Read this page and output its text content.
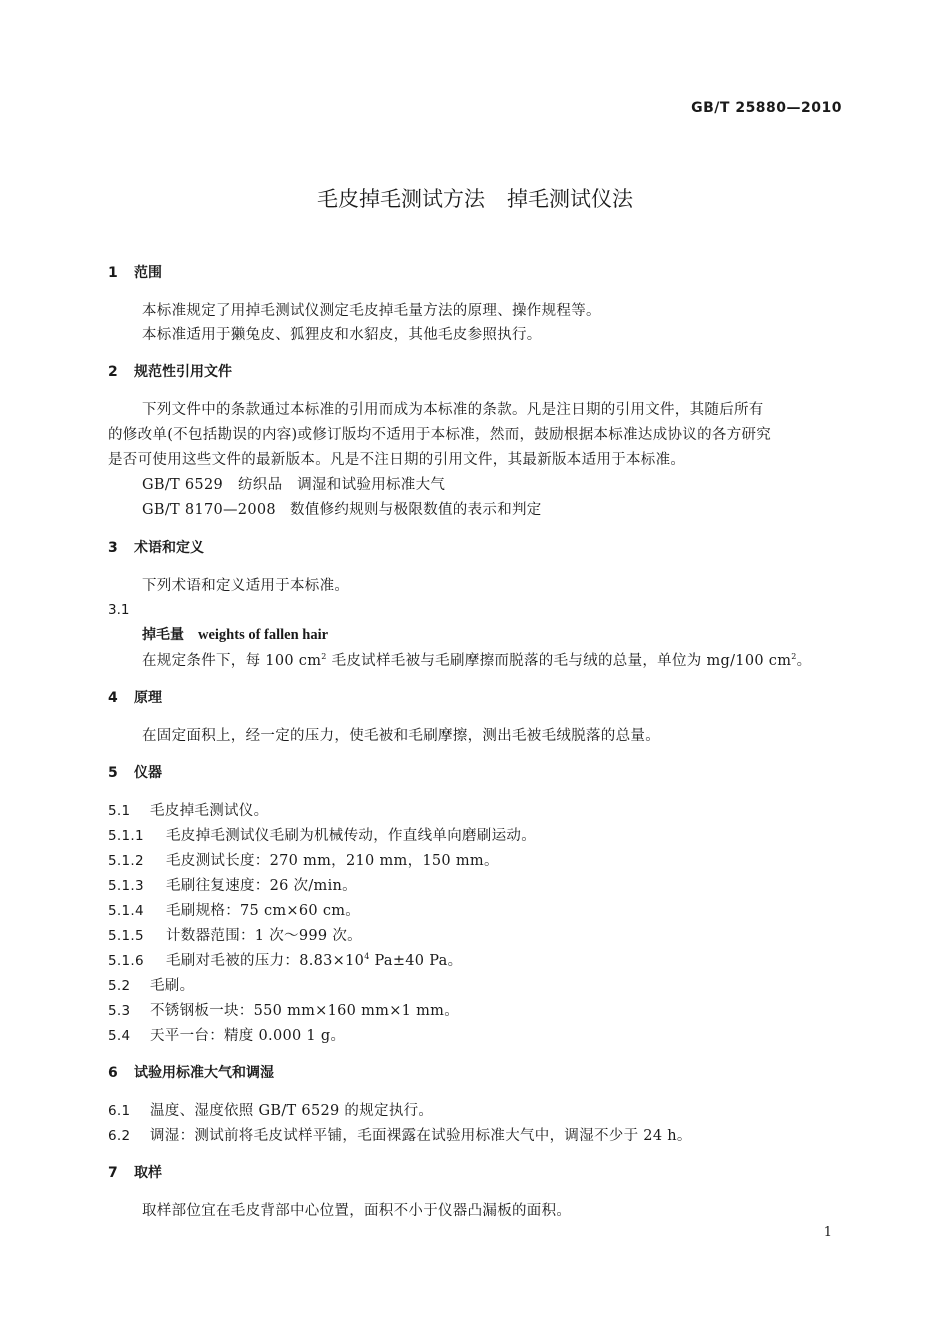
GB/T 25880—2010
毛皮掉毛测试方法 掉毛测试仪法
1 范围
本标准规定了用掉毛测试仪测定毛皮掉毛量方法的原理、操作规程等。
本标准适用于獭兔皮、狐狸皮和水貂皮，其他毛皮参照执行。
2 规范性引用文件
下列文件中的条款通过本标准的引用而成为本标准的条款。凡是注日期的引用文件，其随后所有
的修改单(不包括勘误的内容)或修订版均不适用于本标准，然而，鼓励根据本标准达成协议的各方研究
是否可使用这些文件的最新版本。凡是不注日期的引用文件，其最新版本适用于本标准。
GB/T 6529 纺织品　调湿和试验用标准大气
GB/T 8170—2008 数值修约规则与极限数值的表示和判定
3 术语和定义
下列术语和定义适用于本标准。
3.1
掉毛量 weights of fallen hair
在规定条件下，每 100 $cm^2$ 毛皮试样毛被与毛刷摩擦而脱落的毛与绒的总量，单位为 mg/100 $cm^2$。
4 原理
在固定面积上，经一定的压力，使毛被和毛刷摩擦，测出毛被毛绒脱落的总量。
5 仪器
5.1 毛皮掉毛测试仪。
5.1.1 毛皮掉毛测试仪毛刷为机械传动，作直线单向磨刷运动。
5.1.2 毛皮测试长度：270 mm，210 mm，150 mm。
5.1.3 毛刷往复速度：26 次/min。
5.1.4 毛刷规格：75 cm×60 cm。
5.1.5 计数器范围：1 次～999 次。
5.1.6 毛刷对毛被的压力：$8.83\times 10^4$ Pa±40 Pa。
5.2 毛刷。
5.3 不锈钢板一块：550 mm×160 mm×1 mm。
5.4 天平一台：精度 0.000 1 g。
6 试验用标准大气和调湿
6.1 温度、湿度依照 GB/T 6529 的规定执行。
6.2 调湿：测试前将毛皮试样平铺，毛面裸露在试验用标准大气中，调湿不少于 24 h。
7 取样
取样部位宜在毛皮背部中心位置，面积不小于仪器凸漏板的面积。
1
